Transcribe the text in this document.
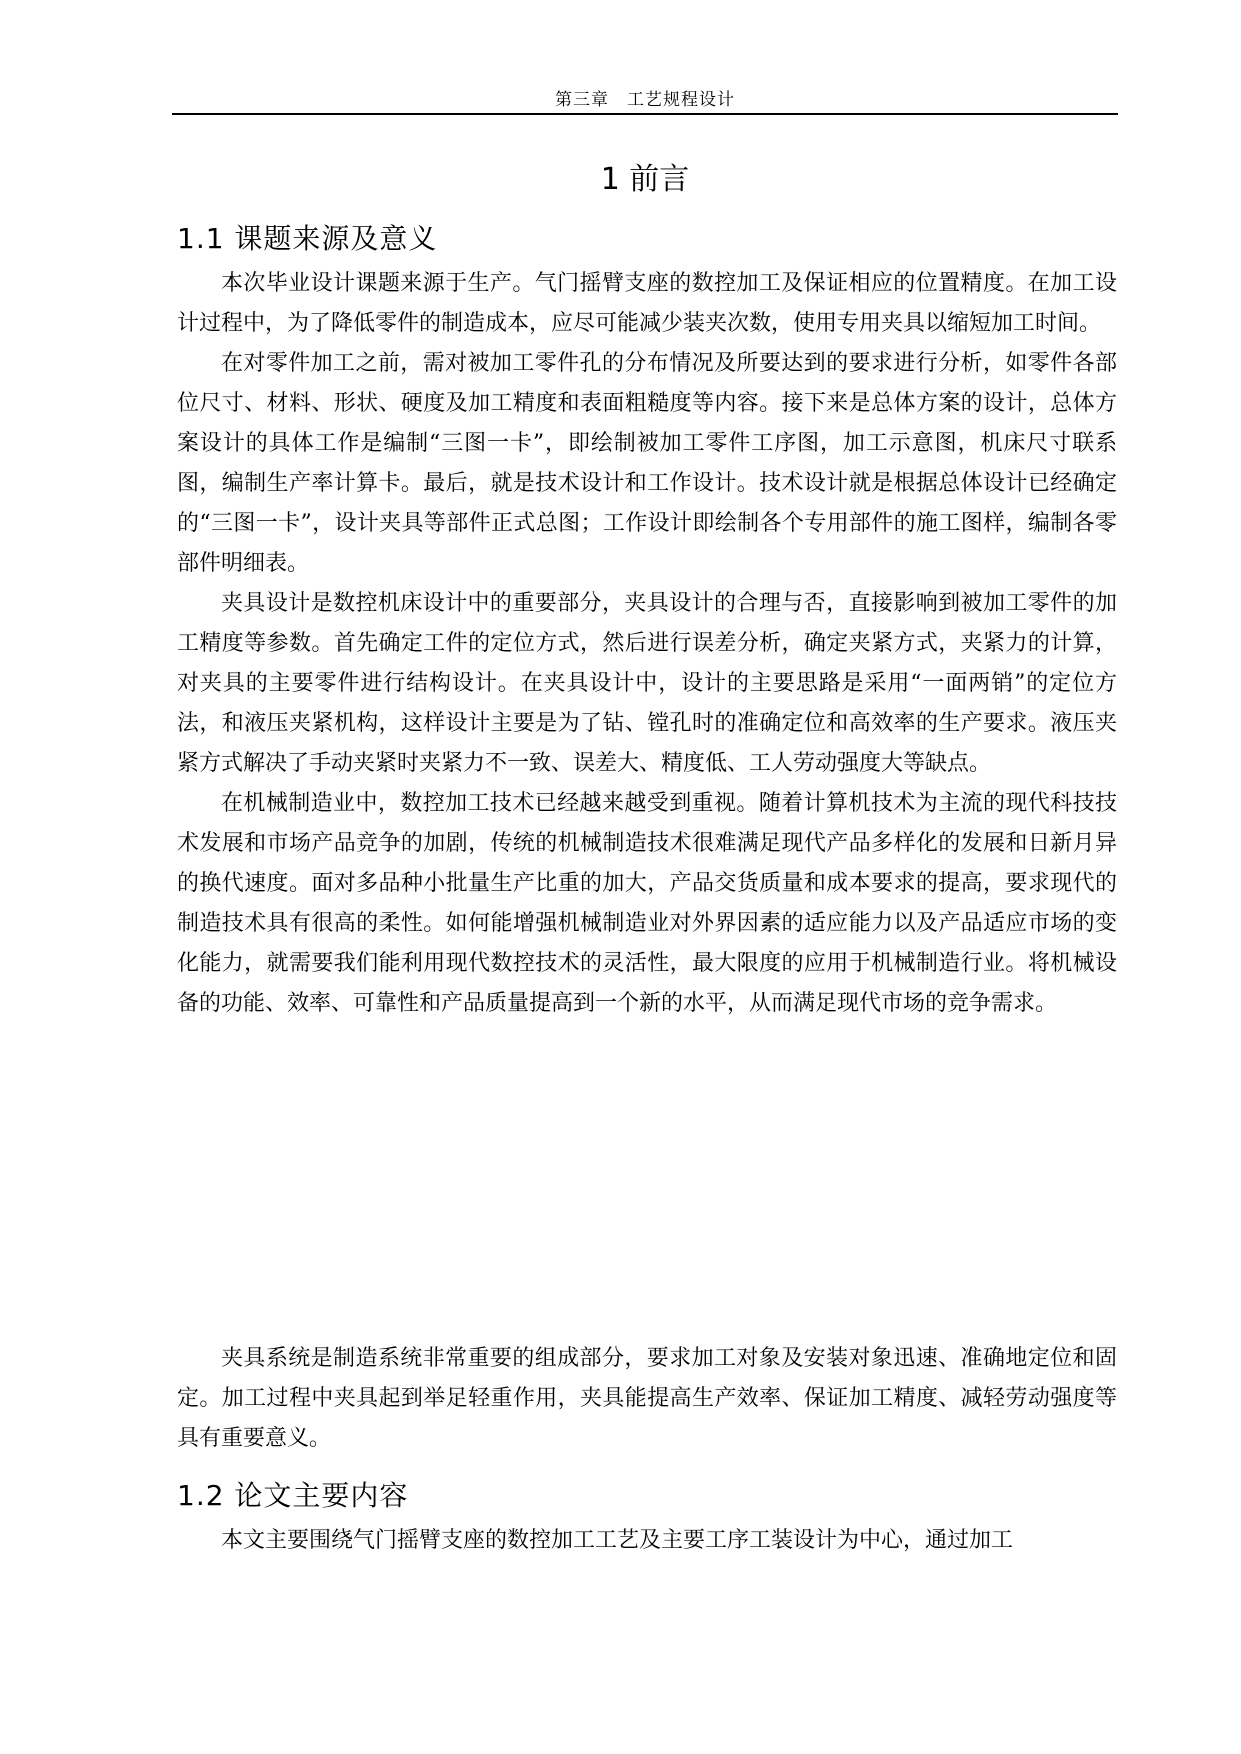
第三章　工艺规程设计
1 前言
1.1 课题来源及意义

本次毕业设计课题来源于生产。气门摇臂支座的数控加工及保证相应的位置精度。在加工设计过程中，为了降低零件的制造成本，应尽可能减少装夹次数，使用专用夹具以缩短加工时间。

在对零件加工之前，需对被加工零件孔的分布情况及所要达到的要求进行分析，如零件各部位尺寸、材料、形状、硬度及加工精度和表面粗糙度等内容。接下来是总体方案的设计，总体方案设计的具体工作是编制“三图一卡”，即绘制被加工零件工序图，加工示意图，机床尺寸联系图，编制生产率计算卡。最后，就是技术设计和工作设计。技术设计就是根据总体设计已经确定的“三图一卡”，设计夹具等部件正式总图；工作设计即绘制各个专用部件的施工图样，编制各零部件明细表。

夹具设计是数控机床设计中的重要部分，夹具设计的合理与否，直接影响到被加工零件的加工精度等参数。首先确定工件的定位方式，然后进行误差分析，确定夹紧方式，夹紧力的计算，对夹具的主要零件进行结构设计。在夹具设计中，设计的主要思路是采用“一面两销”的定位方法，和液压夹紧机构，这样设计主要是为了钻、镗孔时的准确定位和高效率的生产要求。液压夹紧方式解决了手动夹紧时夹紧力不一致、误差大、精度低、工人劳动强度大等缺点。

在机械制造业中，数控加工技术已经越来越受到重视。随着计算机技术为主流的现代科技技术发展和市场产品竞争的加剧，传统的机械制造技术很难满足现代产品多样化的发展和日新月异的换代速度。面对多品种小批量生产比重的加大，产品交货质量和成本要求的提高，要求现代的制造技术具有很高的柔性。如何能增强机械制造业对外界因素的适应能力以及产品适应市场的变化能力，就需要我们能利用现代数控技术的灵活性，最大限度的应用于机械制造行业。将机械设备的功能、效率、可靠性和产品质量提高到一个新的水平，从而满足现代市场的竞争需求。

夹具系统是制造系统非常重要的组成部分，要求加工对象及安装对象迅速、准确地定位和固定。加工过程中夹具起到举足轻重作用，夹具能提高生产效率、保证加工精度、减轻劳动强度等具有重要意义。

1.2 论文主要内容

本文主要围绕气门摇臂支座的数控加工工艺及主要工序工装设计为中心，通过加工
